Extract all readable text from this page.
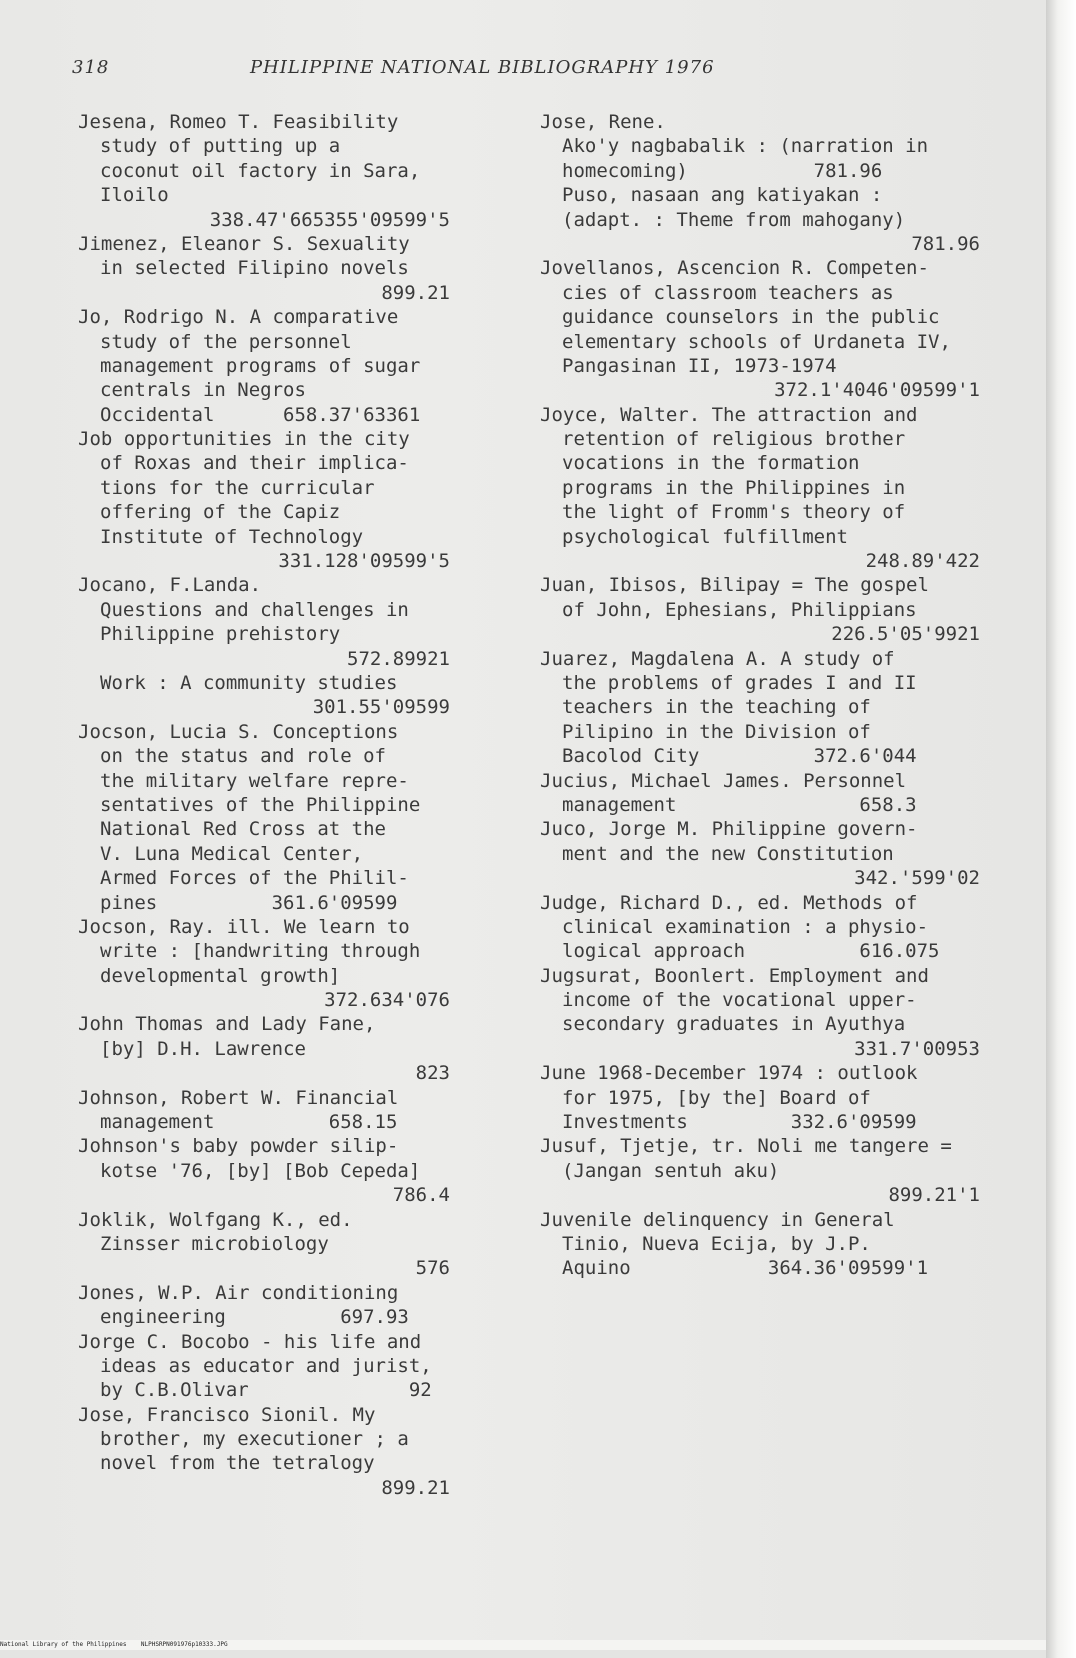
318	PHILIPPINE NATIONAL BIBLIOGRAPHY 1976
Jesena, Romeo T. Feasibility
study of putting up a
coconut oil factory in Sara,
Iloilo
338.47'665355'09599'5
Jimenez, Eleanor S. Sexuality
in selected Filipino novels
899.21
Jo, Rodrigo N. A comparative
study of the personnel
management programs of sugar
centrals in Negros
Occidental      658.37'63361
Job opportunities in the city
of Roxas and their implica-
tions for the curricular
offering of the Capiz
Institute of Technology
331.128'09599'5
Jocano, F.Landa.
Questions and challenges in
Philippine prehistory
572.89921
Work : A community studies
301.55'09599
Jocson, Lucia S. Conceptions
on the status and role of
the military welfare repre-
sentatives of the Philippine
National Red Cross at the
V. Luna Medical Center,
Armed Forces of the Philil-
pines          361.6'09599
Jocson, Ray. ill. We learn to
write : [handwriting through
developmental growth]
372.634'076
John Thomas and Lady Fane,
[by] D.H. Lawrence
823
Johnson, Robert W. Financial
management          658.15
Johnson's baby powder silip-
kotse '76, [by] [Bob Cepeda]
786.4
Joklik, Wolfgang K., ed.
Zinsser microbiology
576
Jones, W.P. Air conditioning
engineering          697.93
Jorge C. Bocobo - his life and
ideas as educator and jurist,
by C.B.Olivar              92
Jose, Francisco Sionil. My
brother, my executioner ; a
novel from the tetralogy
899.21
Jose, Rene.
Ako'y nagbabalik : (narration in
homecoming)           781.96
Puso, nasaan ang katiyakan :
(adapt. : Theme from mahogany)
781.96
Jovellanos, Ascencion R. Competen-
cies of classroom teachers as
guidance counselors in the public
elementary schools of Urdaneta IV,
Pangasinan II, 1973-1974
372.1'4046'09599'1
Joyce, Walter. The attraction and
retention of religious brother
vocations in the formation
programs in the Philippines in
the light of Fromm's theory of
psychological fulfillment
248.89'422
Juan, Ibisos, Bilipay = The gospel
of John, Ephesians, Philippians
226.5'05'9921
Juarez, Magdalena A. A study of
the problems of grades I and II
teachers in the teaching of
Pilipino in the Division of
Bacolod City          372.6'044
Jucius, Michael James. Personnel
management                658.3
Juco, Jorge M. Philippine govern-
ment and the new Constitution
342.'599'02
Judge, Richard D., ed. Methods of
clinical examination : a physio-
logical approach          616.075
Jugsurat, Boonlert. Employment and
income of the vocational upper-
secondary graduates in Ayuthya
331.7'00953
June 1968-December 1974 : outlook
for 1975, [by the] Board of
Investments         332.6'09599
Jusuf, Tjetje, tr. Noli me tangere =
(Jangan sentuh aku)
899.21'1
Juvenile delinquency in General
Tinio, Nueva Ecija, by J.P.
Aquino            364.36'09599'1
National Library of the Philippines    NLPHSRPN091976p10333.JPG
